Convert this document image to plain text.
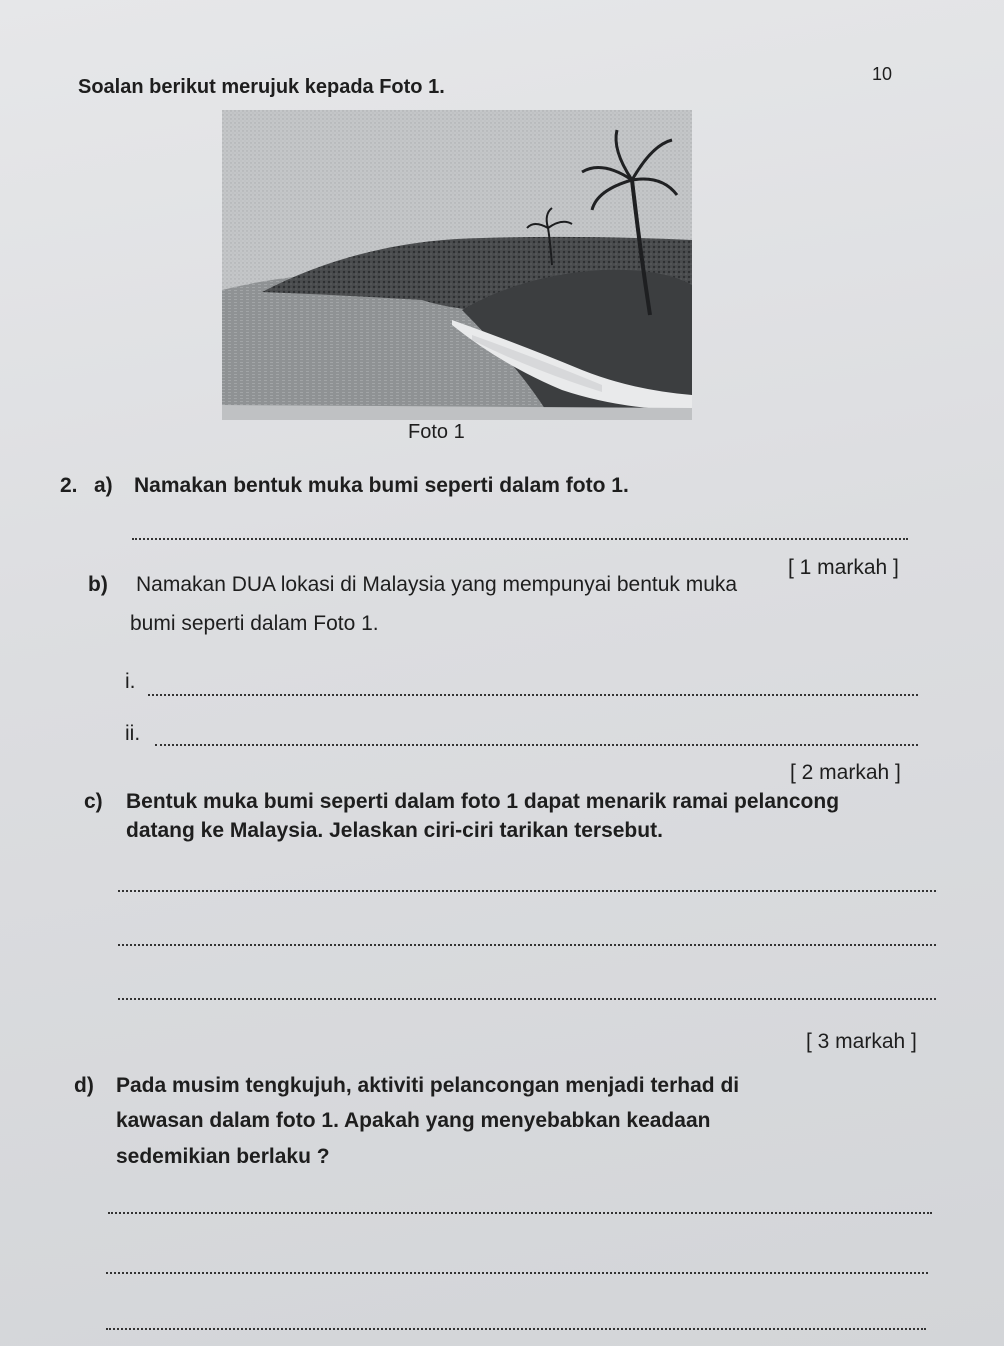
Soalan berikut merujuk kepada Foto 1.
10
Foto 1
2. a) Namakan bentuk muka bumi seperti dalam foto 1.
[ 1 markah ]
b) Namakan DUA lokasi di Malaysia yang mempunyai bentuk muka
bumi seperti dalam Foto 1.
i.
ii.
[ 2 markah ]
c) Bentuk muka bumi seperti dalam foto 1 dapat menarik ramai pelancong
datang ke Malaysia. Jelaskan ciri-ciri tarikan tersebut.
[ 3 markah ]
d) Pada musim tengkujuh, aktiviti pelancongan menjadi terhad di
kawasan dalam foto 1. Apakah yang menyebabkan keadaan
sedemikian berlaku ?
